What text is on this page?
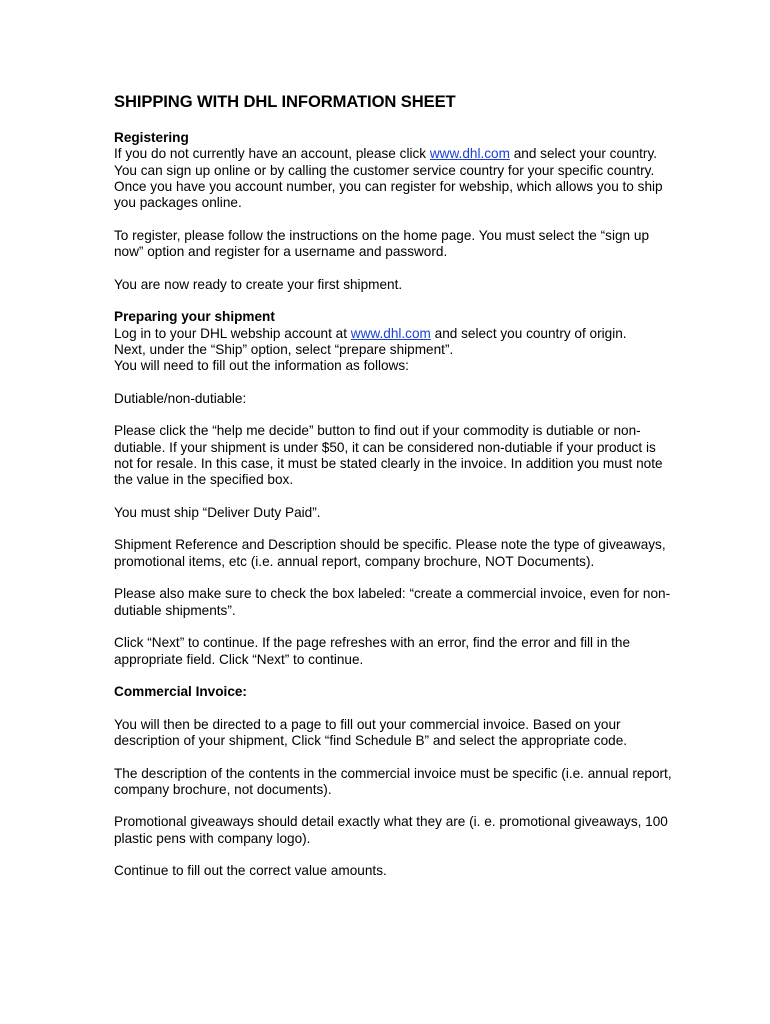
SHIPPING WITH DHL INFORMATION SHEET

Registering
If you do not currently have an account, please click www.dhl.com and select your country. You can sign up online or by calling the customer service country for your specific country. Once you have you account number, you can register for webship, which allows you to ship you packages online.

To register, please follow the instructions on the home page. You must select the “sign up now” option and register for a username and password.

You are now ready to create your first shipment.

Preparing your shipment
Log in to your DHL webship account at www.dhl.com and select you country of origin.
Next, under the “Ship” option, select “prepare shipment”.
You will need to fill out the information as follows:

Dutiable/non-dutiable:

Please click the “help me decide” button to find out if your commodity is dutiable or non-dutiable. If your shipment is under $50, it can be considered non-dutiable if your product is not for resale. In this case, it must be stated clearly in the invoice. In addition you must note the value in the specified box.

You must ship “Deliver Duty Paid”.

Shipment Reference and Description should be specific. Please note the type of giveaways, promotional items, etc (i.e. annual report, company brochure, NOT Documents).

Please also make sure to check the box labeled: “create a commercial invoice, even for non-dutiable shipments”.

Click “Next” to continue. If the page refreshes with an error, find the error and fill in the appropriate field. Click “Next” to continue.

Commercial Invoice:

You will then be directed to a page to fill out your commercial invoice. Based on your description of your shipment, Click “find Schedule B” and select the appropriate code.

The description of the contents in the commercial invoice must be specific (i.e. annual report, company brochure, not documents).

Promotional giveaways should detail exactly what they are (i. e. promotional giveaways, 100 plastic pens with company logo).

Continue to fill out the correct value amounts.
